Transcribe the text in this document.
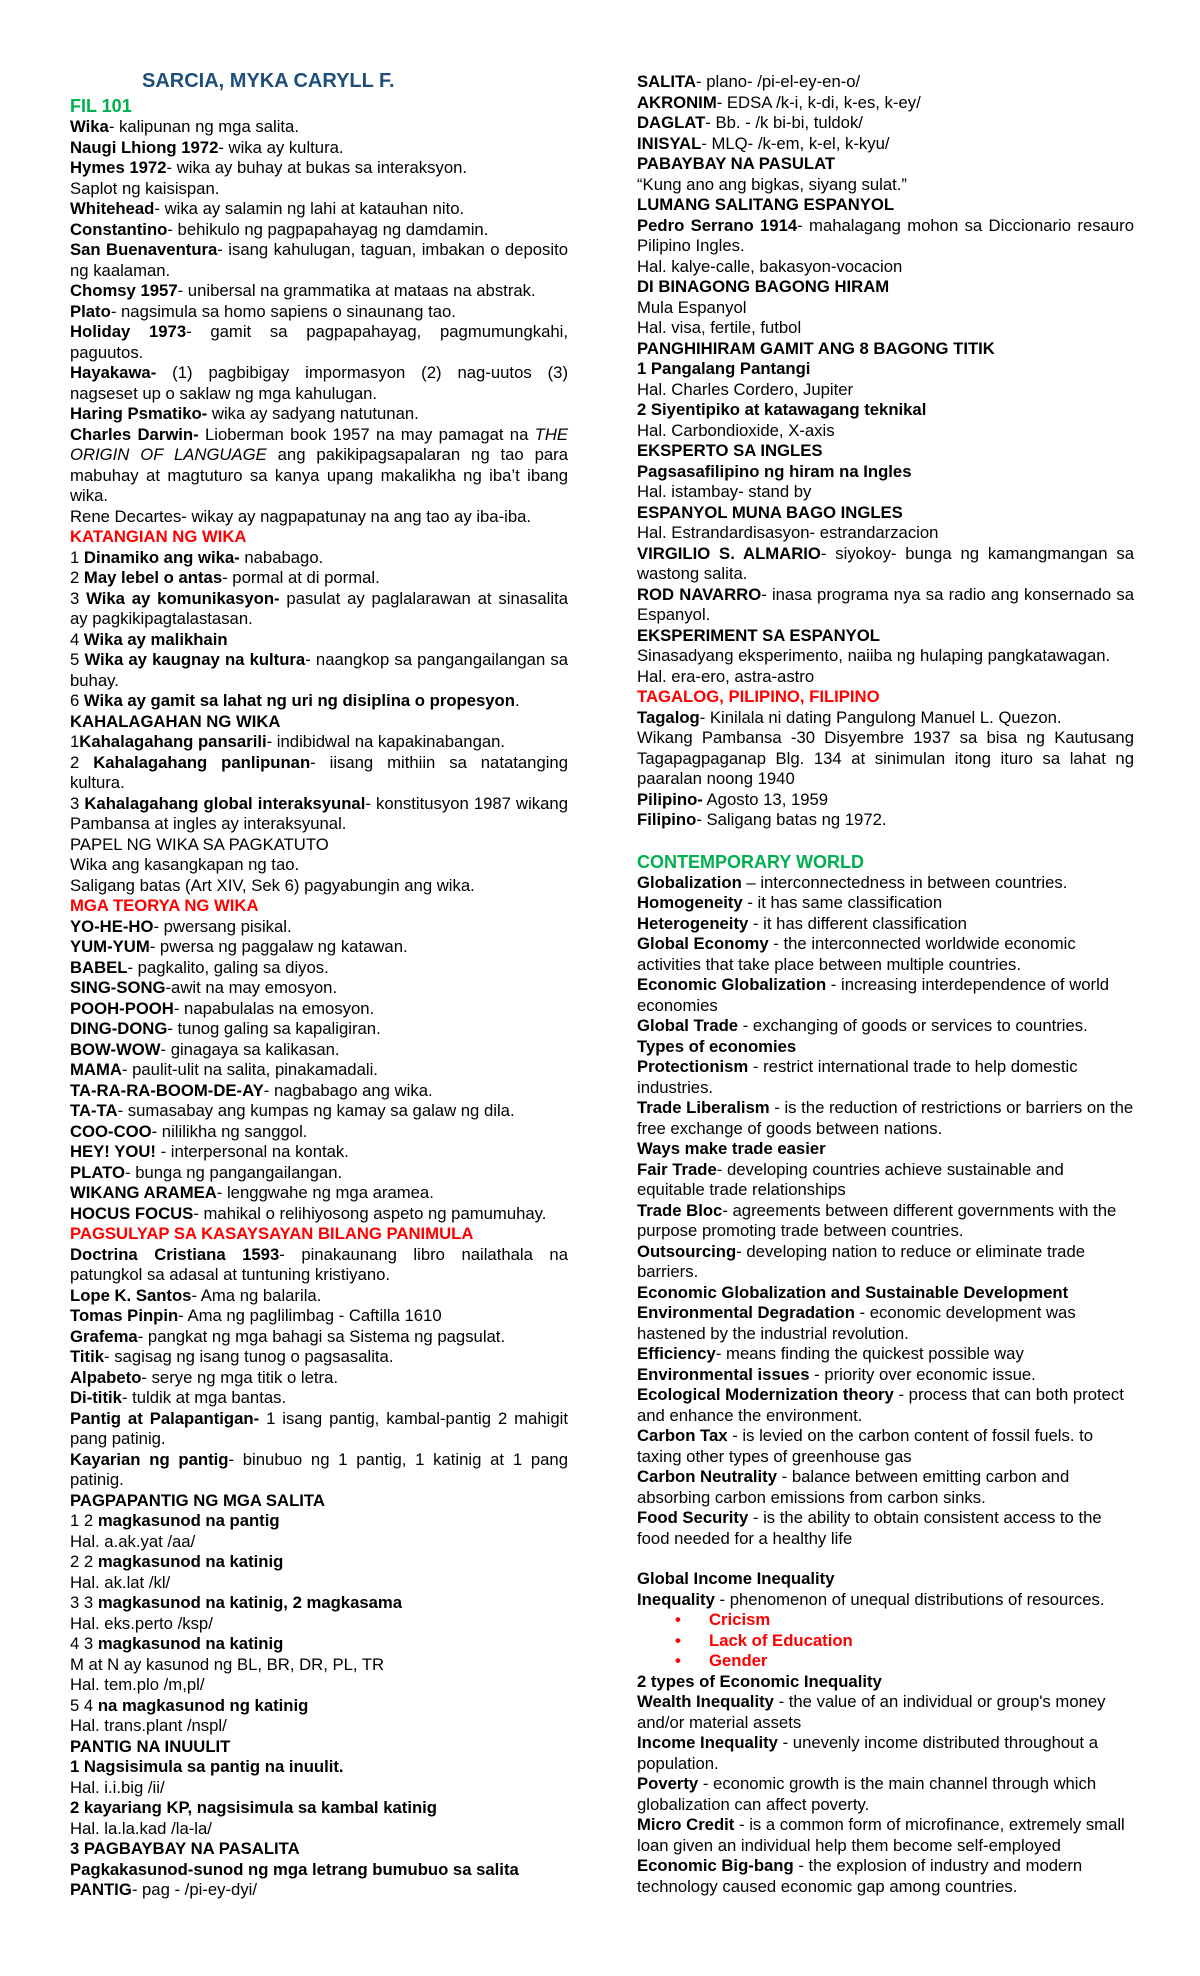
SARCIA, MYKA CARYLL F.

FIL 101

Wika- kalipunan ng mga salita.

Naugi Lhiong 1972- wika ay kultura.

Hymes 1972- wika ay buhay at bukas sa interaksyon.

Saplot ng kaisispan.

Whitehead- wika ay salamin ng lahi at katauhan nito.

Constantino- behikulo ng pagpapahayag ng damdamin.

San Buenaventura- isang kahulugan, taguan, imbakan o deposito ng kaalaman.

Chomsy 1957- unibersal na grammatika at mataas na abstrak.

Plato- nagsimula sa homo sapiens o sinaunang tao.

Holiday 1973- gamit sa pagpapahayag, pagmumungkahi, paguutos.

Hayakawa- (1) pagbibigay impormasyon (2) nag-uutos (3) nagseset up o saklaw ng mga kahulugan.

Haring Psmatiko- wika ay sadyang natutunan.

Charles Darwin- Lioberman book 1957 na may pamagat na THE ORIGIN OF LANGUAGE ang pakikipagsapalaran ng tao para mabuhay at magtuturo sa kanya upang makalikha ng iba’t ibang wika.

Rene Decartes- wikay ay nagpapatunay na ang tao ay iba-iba.

KATANGIAN NG WIKA

1 Dinamiko ang wika- nababago.

2 May lebel o antas- pormal at di pormal.

3 Wika ay komunikasyon- pasulat ay paglalarawan at sinasalita ay pagkikipagtalastasan.

4 Wika ay malikhain

5 Wika ay kaugnay na kultura- naangkop sa pangangailangan sa buhay.

6 Wika ay gamit sa lahat ng uri ng disiplina o propesyon.

KAHALAGAHAN NG WIKA

1Kahalagahang pansarili- indibidwal na kapakinabangan.

2 Kahalagahang panlipunan- iisang mithiin sa natatanging kultura.

3 Kahalagahang global interaksyunal- konstitusyon 1987 wikang Pambansa at ingles ay interaksyunal.

PAPEL NG WIKA SA PAGKATUTO

Wika ang kasangkapan ng tao.

Saligang batas (Art XIV, Sek 6) pagyabungin ang wika.

MGA TEORYA NG WIKA

YO-HE-HO- pwersang pisikal.

YUM-YUM- pwersa ng paggalaw ng katawan.

BABEL- pagkalito, galing sa diyos.

SING-SONG-awit na may emosyon.

POOH-POOH- napabulalas na emosyon.

DING-DONG- tunog galing sa kapaligiran.

BOW-WOW- ginagaya sa kalikasan.

MAMA- paulit-ulit na salita, pinakamadali.

TA-RA-RA-BOOM-DE-AY- nagbabago ang wika.

TA-TA- sumasabay ang kumpas ng kamay sa galaw ng dila.

COO-COO- nililikha ng sanggol.

HEY! YOU! - interpersonal na kontak.

PLATO- bunga ng pangangailangan.

WIKANG ARAMEA- lenggwahe ng mga aramea.

HOCUS FOCUS- mahikal o relihiyosong aspeto ng pamumuhay.

PAGSULYAP SA KASAYSAYAN BILANG PANIMULA

Doctrina Cristiana 1593- pinakaunang libro nailathala na patungkol sa adasal at tuntuning kristiyano.

Lope K. Santos- Ama ng balarila.

Tomas Pinpin- Ama ng paglilimbag - Caftilla 1610

Grafema- pangkat ng mga bahagi sa Sistema ng pagsulat.

Titik- sagisag ng isang tunog o pagsasalita.

Alpabeto- serye ng mga titik o letra.

Di-titik- tuldik at mga bantas.

Pantig at Palapantigan- 1 isang pantig, kambal-pantig 2 mahigit pang patinig.

Kayarian ng pantig- binubuo ng 1 pantig, 1 katinig at 1 pang patinig.

PAGPAPANTIG NG MGA SALITA

1 2 magkasunod na pantig

Hal. a.ak.yat /aa/

2 2 magkasunod na katinig

Hal. ak.lat /kl/

3 3 magkasunod na katinig, 2 magkasama

Hal. eks.perto /ksp/

4 3 magkasunod na katinig

M at N ay kasunod ng BL, BR, DR, PL, TR

Hal. tem.plo /m,pl/

5 4 na magkasunod ng katinig

Hal. trans.plant /nspl/

PANTIG NA INUULIT

1 Nagsisimula sa pantig na inuulit.

Hal. i.i.big /ii/

2 kayariang KP, nagsisimula sa kambal katinig

Hal. la.la.kad /la-la/

3 PAGBAYBAY NA PASALITA

Pagkakasunod-sunod ng mga letrang bumubuo sa salita

PANTIG- pag - /pi-ey-dyi/

SALITA- plano- /pi-el-ey-en-o/

AKRONIM- EDSA /k-i, k-di, k-es, k-ey/

DAGLAT- Bb. - /k bi-bi, tuldok/

INISYAL- MLQ- /k-em, k-el, k-kyu/

PABAYBAY NA PASULAT

“Kung ano ang bigkas, siyang sulat.”

LUMANG SALITANG ESPANYOL

Pedro Serrano 1914- mahalagang mohon sa Diccionario resauro Pilipino Ingles.

Hal. kalye-calle, bakasyon-vocacion

DI BINAGONG BAGONG HIRAM

Mula Espanyol

Hal. visa, fertile, futbol

PANGHIHIRAM GAMIT ANG 8 BAGONG TITIK

1 Pangalang Pantangi

Hal. Charles Cordero, Jupiter

2 Siyentipiko at katawagang teknikal

Hal. Carbondioxide, X-axis

EKSPERTO SA INGLES

Pagsasafilipino ng hiram na Ingles

Hal. istambay- stand by

ESPANYOL MUNA BAGO INGLES

Hal. Estrandardisasyon- estrandarzacion

VIRGILIO S. ALMARIO- siyokoy- bunga ng kamangmangan sa wastong salita.

ROD NAVARRO- inasa programa nya sa radio ang konsernado sa Espanyol.

EKSPERIMENT SA ESPANYOL

Sinasadyang eksperimento, naiiba ng hulaping pangkatawagan.

Hal. era-ero, astra-astro

TAGALOG, PILIPINO, FILIPINO

Tagalog- Kinilala ni dating Pangulong Manuel L. Quezon.

Wikang Pambansa -30 Disyembre 1937 sa bisa ng Kautusang Tagapagpaganap Blg. 134 at sinimulan itong ituro sa lahat ng paaralan noong 1940

Pilipino- Agosto 13, 1959

Filipino- Saligang batas ng 1972.

CONTEMPORARY WORLD

Globalization – interconnectedness in between countries.

Homogeneity - it has same classification

Heterogeneity - it has different classification

Global Economy - the interconnected worldwide economic activities that take place between multiple countries.

Economic Globalization - increasing interdependence of world economies

Global Trade - exchanging of goods or services to countries.

Types of economies

Protectionism - restrict international trade to help domestic industries.

Trade Liberalism - is the reduction of restrictions or barriers on the free exchange of goods between nations.

Ways make trade easier

Fair Trade- developing countries achieve sustainable and equitable trade relationships

Trade Bloc- agreements between different governments with the purpose promoting trade between countries.

Outsourcing- developing nation to reduce or eliminate trade barriers.

Economic Globalization and Sustainable Development

Environmental Degradation - economic development was hastened by the industrial revolution.

Efficiency- means finding the quickest possible way

Environmental issues - priority over economic issue.

Ecological Modernization theory - process that can both protect and enhance the environment.

Carbon Tax - is levied on the carbon content of fossil fuels. to taxing other types of greenhouse gas

Carbon Neutrality - balance between emitting carbon and absorbing carbon emissions from carbon sinks.

Food Security - is the ability to obtain consistent access to the food needed for a healthy life

Global Income Inequality

Inequality - phenomenon of unequal distributions of resources.

• Cricism

• Lack of Education

• Gender

2 types of Economic Inequality

Wealth Inequality - the value of an individual or group's money and/or material assets

Income Inequality - unevenly income distributed throughout a population.

Poverty - economic growth is the main channel through which globalization can affect poverty.

Micro Credit - is a common form of microfinance, extremely small loan given an individual help them become self-employed

Economic Big-bang - the explosion of industry and modern technology caused economic gap among countries.
